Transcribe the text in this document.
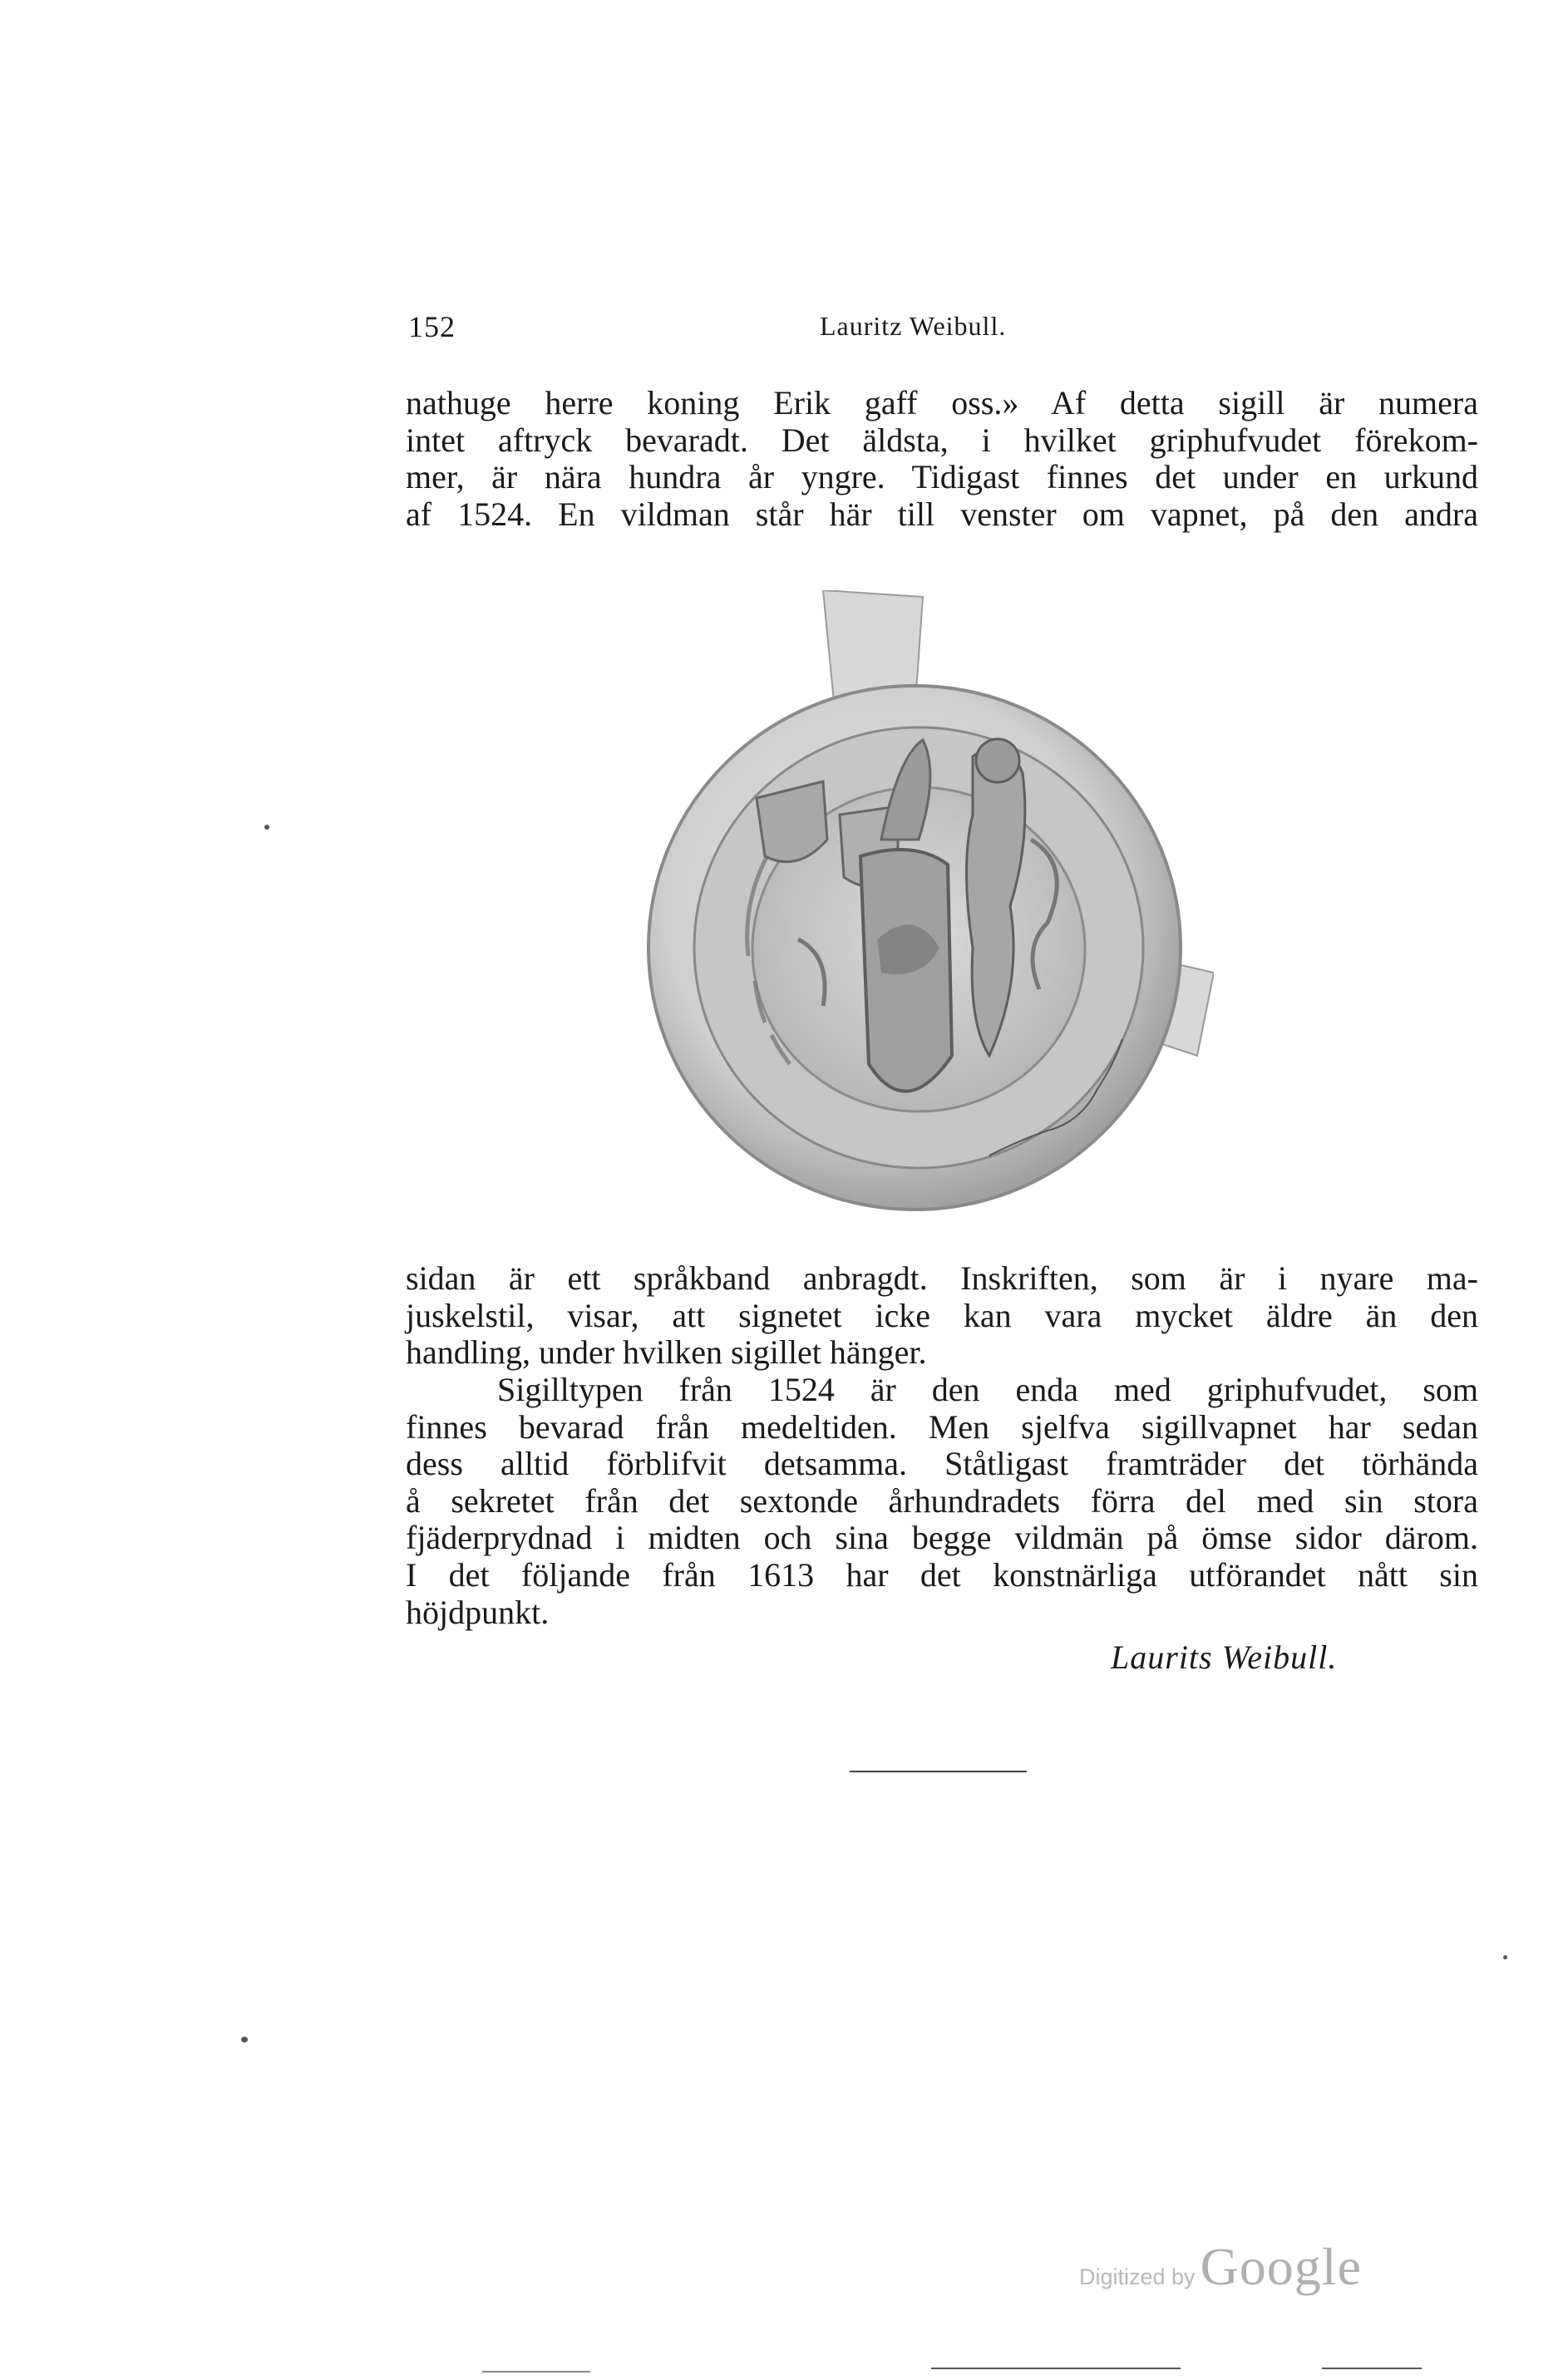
152	Lauritz Weibull.
nathuge herre koning Erik gaff oss.» Af detta sigill är numera
intet aftryck bevaradt. Det äldsta, i hvilket griphufvudet förekom-
mer, är nära hundra år yngre. Tidigast finnes det under en urkund
af 1524. En vildman står här till venster om vapnet, på den andra
sidan är ett språkband anbragdt. Inskriften, som är i nyare ma-
juskelstil, visar, att signetet icke kan vara mycket äldre än den
handling, under hvilken sigillet hänger.
Sigilltypen från 1524 är den enda med griphufvudet, som
finnes bevarad från medeltiden. Men sjelfva sigillvapnet har sedan
dess alltid förblifvit detsamma. Ståtligast framträder det törhända
å sekretet från det sextonde århundradets förra del med sin stora
fjäderprydnad i midten och sina begge vildmän på ömse sidor därom.
I det följande från 1613 har det konstnärliga utförandet nått sin
höjdpunkt.
Laurits Weibull.
Digitized by Google
